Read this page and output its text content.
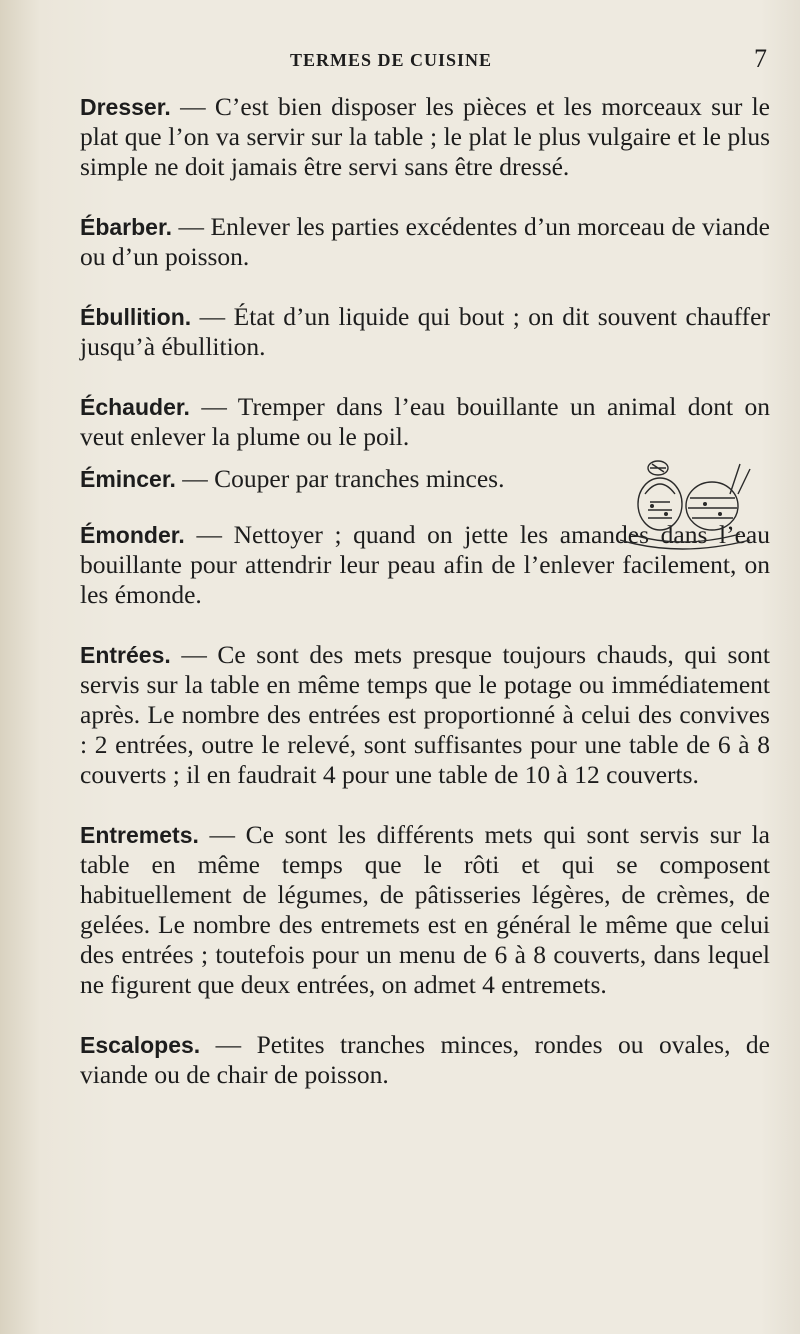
TERMES DE CUISINE	7

Dresser. — C’est bien disposer les pièces et les morceaux sur le plat que l’on va servir sur la table ; le plat le plus vulgaire et le plus simple ne doit jamais être servi sans être dressé.

Ébarber. — Enlever les parties excédentes d’un morceau de viande ou d’un poisson.

Ébullition. — État d’un liquide qui bout ; on dit souvent chauffer jusqu’à ébullition.

Échauder. — Tremper dans l’eau bouillante un animal dont on veut enlever la plume ou le poil.

Émincer. — Couper par tranches minces.

Émonder. — Nettoyer ; quand on jette les amandes dans l’eau bouillante pour attendrir leur peau afin de l’enlever facilement, on les émonde.

Entrées. — Ce sont des mets presque toujours chauds, qui sont servis sur la table en même temps que le potage ou immédiatement après. Le nombre des entrées est proportionné à celui des convives : 2 entrées, outre le relevé, sont suffisantes pour une table de 6 à 8 couverts ; il en faudrait 4 pour une table de 10 à 12 couverts.

Entremets. — Ce sont les différents mets qui sont servis sur la table en même temps que le rôti et qui se composent habituellement de légumes, de pâtisseries légères, de crèmes, de gelées. Le nombre des entremets est en général le même que celui des entrées ; toutefois pour un menu de 6 à 8 couverts, dans lequel ne figurent que deux entrées, on admet 4 entremets.

Escalopes. — Petites tranches minces, rondes ou ovales, de viande ou de chair de poisson.
